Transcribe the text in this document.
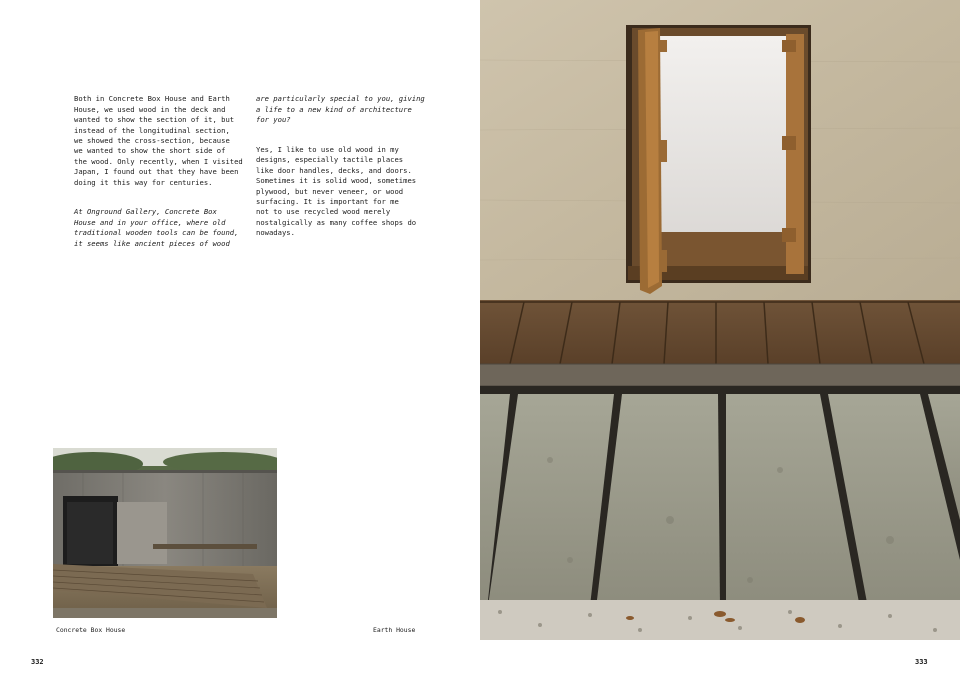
Both in Concrete Box House and Earth
House, we used wood in the deck and
wanted to show the section of it, but
instead of the longitudinal section,
we showed the cross-section, because
we wanted to show the short side of
the wood. Only recently, when I visited
Japan, I found out that they have been
doing it this way for centuries.

At Onground Gallery, Concrete Box
House and in your office, where old
traditional wooden tools can be found,
it seems like ancient pieces of wood

are particularly special to you, giving
a life to a new kind of architecture
for you?

Yes, I like to use old wood in my
designs, especially tactile places
like door handles, decks, and doors.
Sometimes it is solid wood, sometimes
plywood, but never veneer, or wood
surfacing. It is important for me
not to use recycled wood merely
nostalgically as many coffee shops do
nowadays.

Concrete Box House	Earth House
332	333
